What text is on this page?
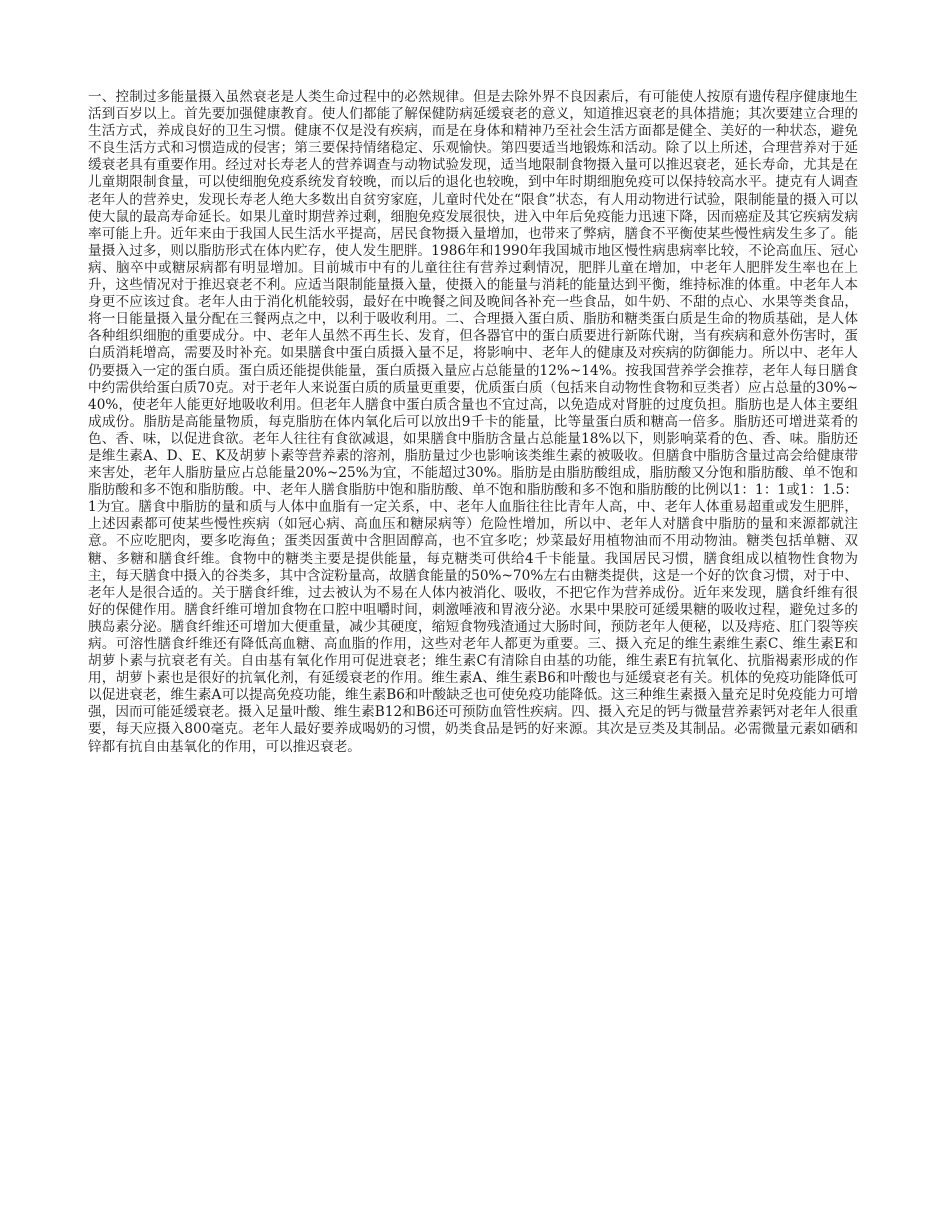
一、控制过多能量摄入虽然衰老是人类生命过程中的必然规律。但是去除外界不良因素后，有可能使人按原有遗传程序健康地生活到百岁以上。首先要加强健康教育。使人们都能了解保健防病延缓衰老的意义，知道推迟衰老的具体措施；其次要建立合理的生活方式，养成良好的卫生习惯。健康不仅是没有疾病，而是在身体和精神乃至社会生活方面都是健全、美好的一种状态，避免不良生活方式和习惯造成的侵害；第三要保持情绪稳定、乐观愉快。第四要适当地锻炼和活动。除了以上所述，合理营养对于延缓衰老具有重要作用。经过对长寿老人的营养调查与动物试验发现，适当地限制食物摄入量可以推迟衰老，延长寿命，尤其是在儿童期限制食量，可以使细胞免疫系统发育较晚，而以后的退化也较晚，到中年时期细胞免疫可以保持较高水平。捷克有人调查老年人的营养史，发现长寿老人绝大多数出自贫穷家庭，儿童时代处在“限食”状态，有人用动物进行试验，限制能量的摄入可以使大鼠的最高寿命延长。如果儿童时期营养过剩，细胞免疫发展很快，进入中年后免疫能力迅速下降，因而癌症及其它疾病发病率可能上升。近年来由于我国人民生活水平提高，居民食物摄入量增加，也带来了弊病，膳食不平衡使某些慢性病发生多了。能量摄入过多，则以脂肪形式在体内贮存，使人发生肥胖。1986年和1990年我国城市地区慢性病患病率比较，不论高血压、冠心病、脑卒中或糖尿病都有明显增加。目前城市中有的儿童往往有营养过剩情况，肥胖儿童在增加，中老年人肥胖发生率也在上升，这些情况对于推迟衰老不利。应适当限制能量摄入量，使摄入的能量与消耗的能量达到平衡，维持标准的体重。中老年人本身更不应该过食。老年人由于消化机能较弱，最好在中晚餐之间及晚间各补充一些食品，如牛奶、不甜的点心、水果等类食品，将一日能量摄入量分配在三餐两点之中，以利于吸收利用。二、合理摄入蛋白质、脂肪和糖类蛋白质是生命的物质基础，是人体各种组织细胞的重要成分。中、老年人虽然不再生长、发育，但各器官中的蛋白质要进行新陈代谢，当有疾病和意外伤害时，蛋白质消耗增高，需要及时补充。如果膳食中蛋白质摄入量不足，将影响中、老年人的健康及对疾病的防御能力。所以中、老年人仍要摄入一定的蛋白质。蛋白质还能提供能量，蛋白质摄入量应占总能量的12%~14%。按我国营养学会推荐，老年人每日膳食中约需供给蛋白质70克。对于老年人来说蛋白质的质量更重要，优质蛋白质（包括来自动物性食物和豆类者）应占总量的30%~40%，使老年人能更好地吸收利用。但老年人膳食中蛋白质含量也不宜过高，以免造成对肾脏的过度负担。脂肪也是人体主要组成成份。脂肪是高能量物质，每克脂肪在体内氧化后可以放出9千卡的能量，比等量蛋白质和糖高一倍多。脂肪还可增进菜肴的色、香、味，以促进食欲。老年人往往有食欲减退，如果膳食中脂肪含量占总能量18%以下，则影响菜肴的色、香、味。脂肪还是维生素A、D、E、K及胡萝卜素等营养素的溶剂，脂肪量过少也影响该类维生素的被吸收。但膳食中脂肪含量过高会给健康带来害处，老年人脂肪量应占总能量20%~25%为宜，不能超过30%。脂肪是由脂肪酸组成，脂肪酸又分饱和脂肪酸、单不饱和脂肪酸和多不饱和脂肪酸。中、老年人膳食脂肪中饱和脂肪酸、单不饱和脂肪酸和多不饱和脂肪酸的比例以1：1：1或1：1.5：1为宜。膳食中脂肪的量和质与人体中血脂有一定关系，中、老年人血脂往往比青年人高，中、老年人体重易超重或发生肥胖，上述因素都可使某些慢性疾病（如冠心病、高血压和糖尿病等）危险性增加，所以中、老年人对膳食中脂肪的量和来源都就注意。不应吃肥肉，要多吃海鱼；蛋类因蛋黄中含胆固醇高，也不宜多吃；炒菜最好用植物油而不用动物油。糖类包括单糖、双糖、多糖和膳食纤维。食物中的糖类主要是提供能量，每克糖类可供给4千卡能量。我国居民习惯，膳食组成以植物性食物为主，每天膳食中摄入的谷类多，其中含淀粉量高，故膳食能量的50%~70%左右由糖类提供，这是一个好的饮食习惯，对于中、老年人是很合适的。关于膳食纤维，过去被认为不易在人体内被消化、吸收，不把它作为营养成份。近年来发现，膳食纤维有很好的保健作用。膳食纤维可增加食物在口腔中咀嚼时间，刺激唾液和胃液分泌。水果中果胶可延缓果糖的吸收过程，避免过多的胰岛素分泌。膳食纤维还可增加大便重量，减少其硬度，缩短食物残渣通过大肠时间，预防老年人便秘，以及痔疮、肛门裂等疾病。可溶性膳食纤维还有降低高血糖、高血脂的作用，这些对老年人都更为重要。三、摄入充足的维生素维生素C、维生素E和胡萝卜素与抗衰老有关。自由基有氧化作用可促进衰老；维生素C有清除自由基的功能，维生素E有抗氧化、抗脂褐素形成的作用，胡萝卜素也是很好的抗氧化剂，有延缓衰老的作用。维生素A、维生素B6和叶酸也与延缓衰老有关。机体的免疫功能降低可以促进衰老，维生素A可以提高免疫功能，维生素B6和叶酸缺乏也可使免疫功能降低。这三种维生素摄入量充足时免疫能力可增强，因而可能延缓衰老。摄入足量叶酸、维生素B12和B6还可预防血管性疾病。四、摄入充足的钙与微量营养素钙对老年人很重要，每天应摄入800毫克。老年人最好要养成喝奶的习惯，奶类食品是钙的好来源。其次是豆类及其制品。必需微量元素如硒和锌都有抗自由基氧化的作用，可以推迟衰老。
